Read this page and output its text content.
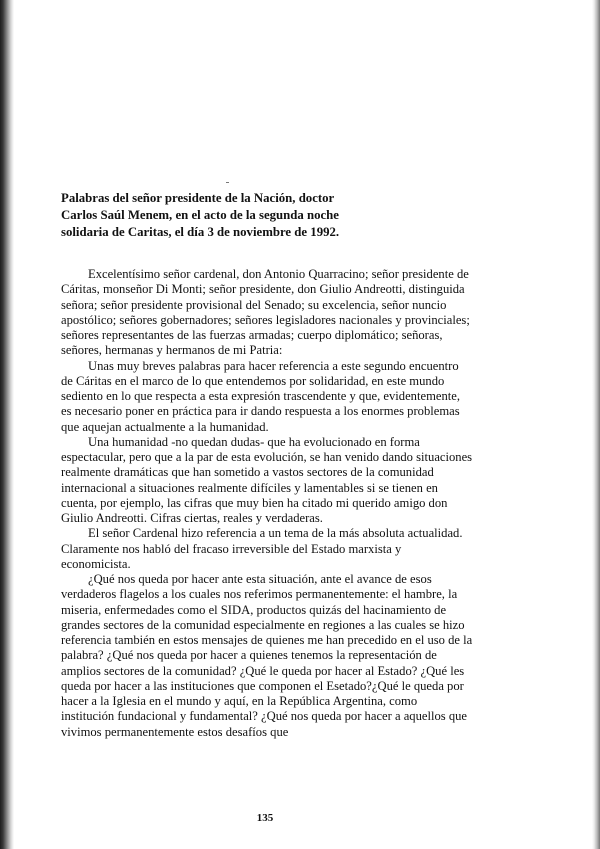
Palabras del señor presidente de la Nación, doctor Carlos Saúl Menem, en el acto de la segunda noche solidaria de Caritas, el día 3 de noviembre de 1992.

Excelentísimo señor cardenal, don Antonio Quarracino; señor presidente de Cáritas, monseñor Di Monti; señor presidente, don Giulio Andreotti, distinguida señora; señor presidente provisional del Senado; su excelencia, señor nuncio apostólico; señores gobernadores; señores legisladores nacionales y provinciales; señores representantes de las fuerzas armadas; cuerpo diplomático; señoras, señores, hermanas y hermanos de mi Patria:

Unas muy breves palabras para hacer referencia a este segundo encuentro de Cáritas en el marco de lo que entendemos por solidaridad, en este mundo sediento en lo que respecta a esta expresión trascendente y que, evidentemente, es necesario poner en práctica para ir dando respuesta a los enormes problemas que aquejan actualmente a la humanidad.

Una humanidad -no quedan dudas- que ha evolucionado en forma espectacular, pero que a la par de esta evolución, se han venido dando situaciones realmente dramáticas que han sometido a vastos sectores de la comunidad internacional a situaciones realmente difíciles y lamentables si se tienen en cuenta, por ejemplo, las cifras que muy bien ha citado mi querido amigo don Giulio Andreotti. Cifras ciertas, reales y verdaderas.

El señor Cardenal hizo referencia a un tema de la más absoluta actualidad. Claramente nos habló del fracaso irreversible del Estado marxista y economicista.

¿Qué nos queda por hacer ante esta situación, ante el avance de esos verdaderos flagelos a los cuales nos referimos permanentemente: el hambre, la miseria, enfermedades como el SIDA, productos quizás del hacinamiento de grandes sectores de la comunidad especialmente en regiones a las cuales se hizo referencia también en estos mensajes de quienes me han precedido en el uso de la palabra? ¿Qué nos queda por hacer a quienes tenemos la representación de amplios sectores de la comunidad? ¿Qué le queda por hacer al Estado? ¿Qué les queda por hacer a las instituciones que componen el Esetado?¿Qué le queda por hacer a la Iglesia en el mundo y aquí, en la República Argentina, como institución fundacional y fundamental? ¿Qué nos queda por hacer a aquellos que vivimos permanentemente estos desafíos que

135
